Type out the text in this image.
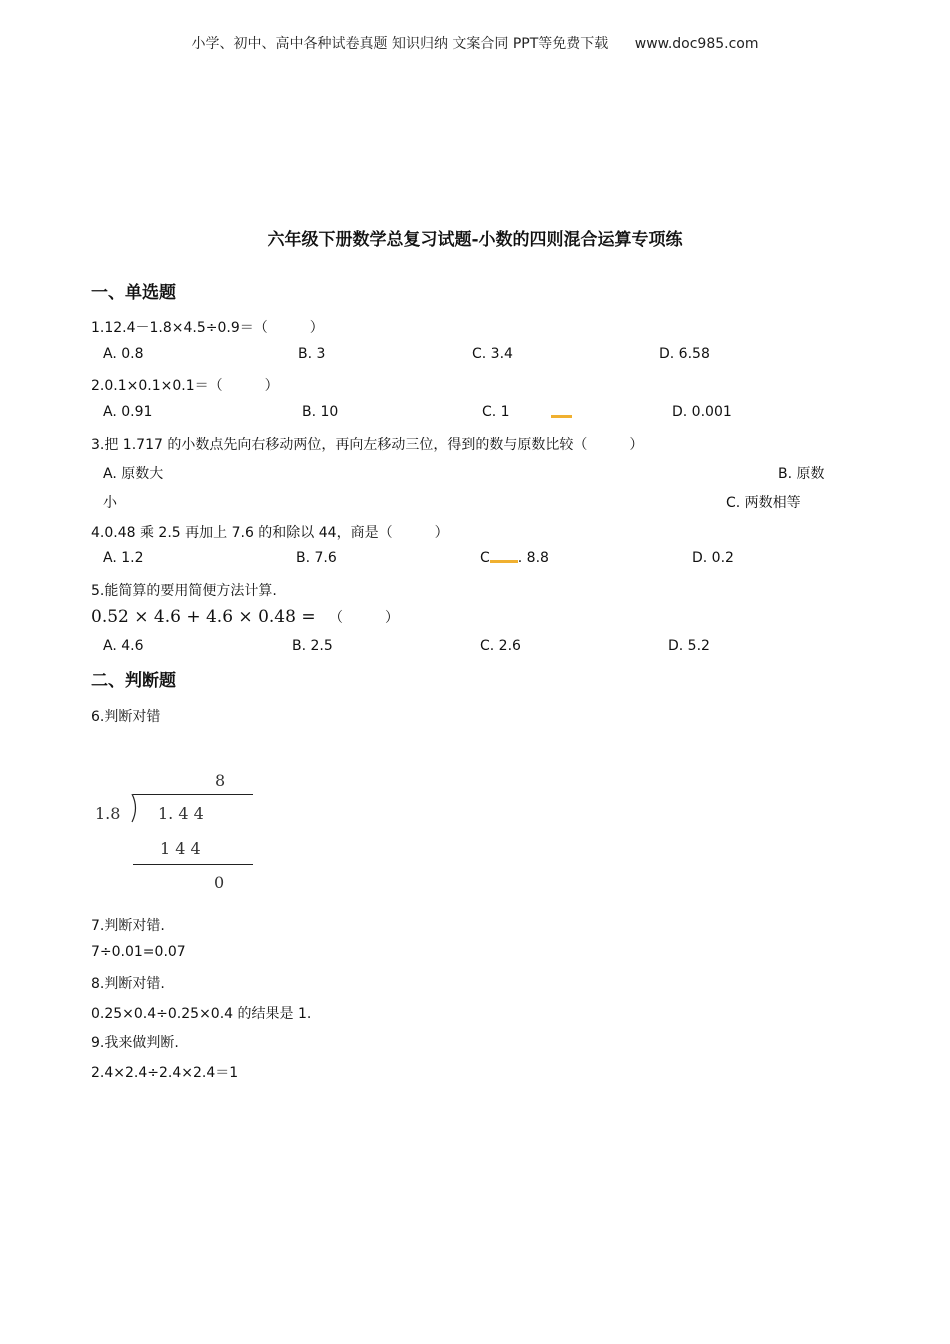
小学、初中、高中各种试卷真题 知识归纳 文案合同 PPT等免费下载 www.doc985.com
六年级下册数学总复习试题-小数的四则混合运算专项练
一、单选题
1.12.4－1.8×4.5÷0.9＝（　　　）
A. 0.8	B. 3	C. 3.4	D. 6.58
2.0.1×0.1×0.1＝（　　　）
A. 0.91	B. 10	C. 1	D. 0.001
3.把 1.717 的小数点先向右移动两位，再向左移动三位，得到的数与原数比较（　　　）
A. 原数大	B. 原数
小	C. 两数相等
4.0.48 乘 2.5 再加上 7.6 的和除以 44，商是（　　　）
A. 1.2	B. 7.6	C . 8.8	D. 0.2
5.能简算的要用简便方法计算.
0.52 × 4.6 + 4.6 × 0.48 = （　　　）
A. 4.6	B. 2.5	C. 2.6	D. 5.2
二、判断题
6.判断对错
8
1.8 1. 4 4
1 4 4
0
7.判断对错.
7÷0.01=0.07
8.判断对错.
0.25×0.4÷0.25×0.4 的结果是 1.
9.我来做判断.
2.4×2.4÷2.4×2.4＝1
